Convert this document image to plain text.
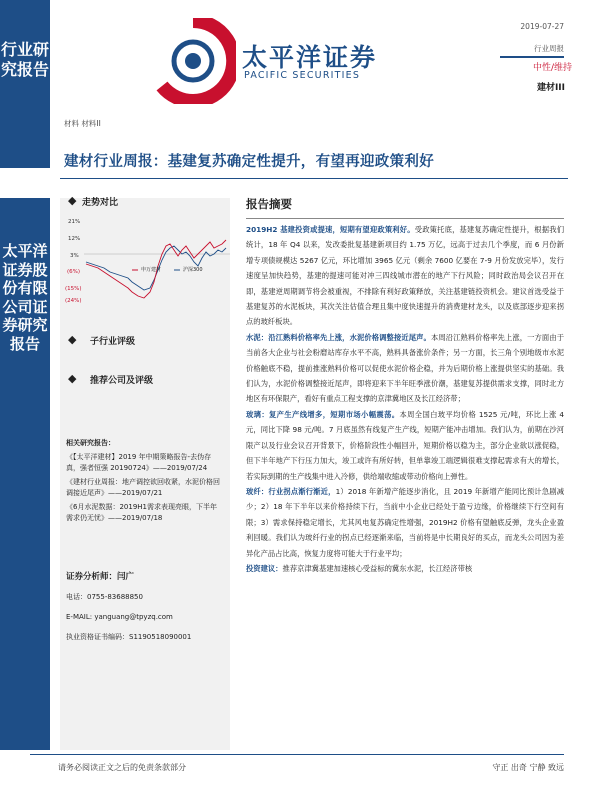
行业研究报告
太平洋证券股份有限公司证券研究报告
太平洋证券
PACIFIC SECURITIES
2019-07-27
行业周报
中性/维持
建材III
材料 材料II
建材行业周报：基建复苏确定性提升，有望再迎政策利好
◆ 走势对比
21%
12%
3%
(6%)
(15%)
(24%)
申万建材	沪深300
◆ 子行业评级
◆ 推荐公司及评级
相关研究报告：
《【太平洋建材】2019 年中期策略报告-去伪存真，强者恒强 20190724》——2019/07/24
《建材行业周报：地产调控欲回收紧，水泥价格回调接近尾声》——2019/07/21
《6月水泥数据：2019H1需求表现亮眼，下半年需求仍无忧》——2019/07/18
证券分析师：闫广
电话：0755-83688850
E-MAIL: yanguang@tpyzq.com
执业资格证书编码：S1190518090001
报告摘要

2019H2 基建投资或提速，短期有望迎政策利好。受政策托底，基建复苏确定性提升，根据我们统计，18 年 Q4 以来，发改委批复基建新项目约 1.75 万亿，远高于过去几个季度，而 6 月份新增专项债规模达 5267 亿元，环比增加 3965 亿元（剩余 7600 亿要在 7-9 月份发放完毕），发行速度呈加快趋势，基建的提速可能对冲三四线城市潜在的地产下行风险；同时政治局会议召开在即，基建逆周期调节将会被重视，不排除有利好政策释放，关注基建链投资机会。建议首选受益于基建复苏的水泥板块，其次关注估值合理且集中度快速提升的消费建材龙头，以及底部逐步迎来拐点的玻纤板块。

水泥：沿江熟料价格率先上涨，水泥价格调整接近尾声。本周沿江熟料价格率先上涨，一方面由于当前各大企业与社会粉磨站库存水平不高，熟料具备涨价条件；另一方面，长三角个别地级市水泥价格触底不稳，提前推涨熟料价格可以促使水泥价格企稳，并为后期价格上涨提供坚实的基础。我们认为，水泥价格调整接近尾声，即将迎来下半年旺季涨价潮，基建复苏提供需求支撑，同时北方地区有环保限产，看好有重点工程支撑的京津冀地区及长江经济带；

玻璃：复产生产线增多，短期市场小幅震荡。本周全国白玻平均价格 1525 元/吨，环比上涨 4 元，同比下降 98 元/吨。7 月底虽然有线复产生产线，短期产能冲击增加。我们认为，前期在沙河限产以及行业会议召开背景下，价格阶段性小幅回升，短期价格以稳为主，部分企业欲以涨促稳，但下半年地产下行压力加大，竣工或许有所好转，但单靠竣工端逻辑很难支撑起需求有大的增长，若实际到期的生产线集中进入冷修，供给端收缩或带动价格向上弹性。

玻纤：行业拐点渐行渐近，1）2018 年新增产能逐步消化，且 2019 年新增产能同比预计急剧减少；2）18 年下半年以来价格持续下行，当前中小企业已经处于盈亏边缘，价格继续下行空间有限；3）需求保持稳定增长，尤其风电复苏确定性增强，2019H2 价格有望触底反弹，龙头企业盈利回暖。我们认为玻纤行业的拐点已经逐渐来临，当前将是中长期良好的买点，而龙头公司因为差异化产品占比高，恢复力度将可能大于行业平均；

投资建议：推荐京津冀基建加速核心受益标的冀东水泥，长江经济带核

请务必阅读正文之后的免责条款部分	守正 出奇 宁静 致远
